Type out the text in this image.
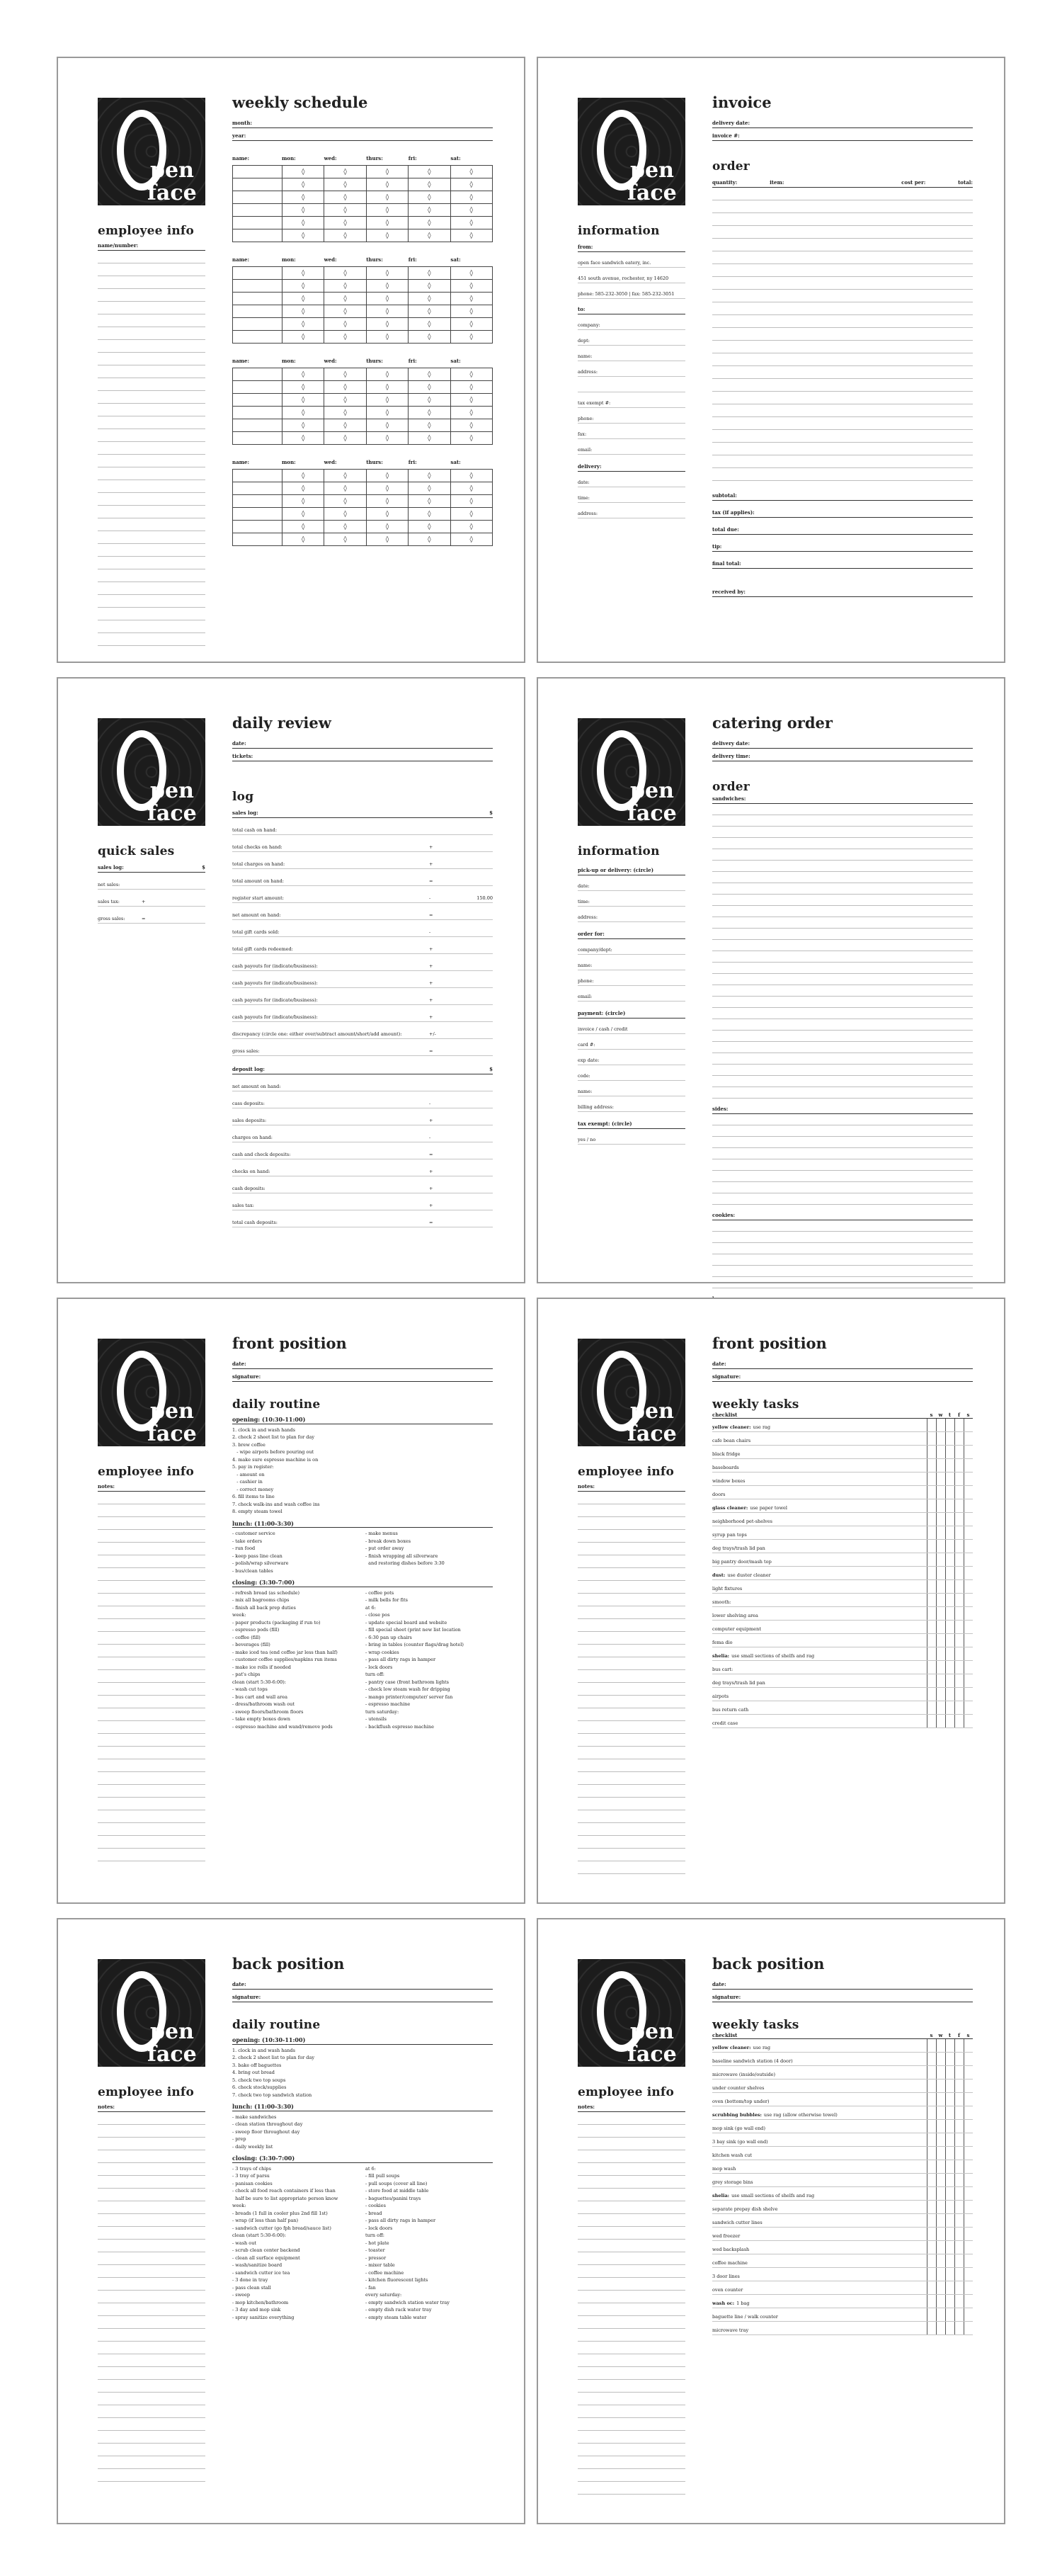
pen
face
employee info
name/number:
weekly schedule
month:
year:
name:	mon:	wed:	thurs:	fri:	sat:
	◊	◊	◊	◊	◊
	◊	◊	◊	◊	◊
	◊	◊	◊	◊	◊
	◊	◊	◊	◊	◊
	◊	◊	◊	◊	◊
	◊	◊	◊	◊	◊
name:	mon:	wed:	thurs:	fri:	sat:
	◊	◊	◊	◊	◊
	◊	◊	◊	◊	◊
	◊	◊	◊	◊	◊
	◊	◊	◊	◊	◊
	◊	◊	◊	◊	◊
	◊	◊	◊	◊	◊
name:	mon:	wed:	thurs:	fri:	sat:
	◊	◊	◊	◊	◊
	◊	◊	◊	◊	◊
	◊	◊	◊	◊	◊
	◊	◊	◊	◊	◊
	◊	◊	◊	◊	◊
	◊	◊	◊	◊	◊
name:	mon:	wed:	thurs:	fri:	sat:
	◊	◊	◊	◊	◊
	◊	◊	◊	◊	◊
	◊	◊	◊	◊	◊
	◊	◊	◊	◊	◊
	◊	◊	◊	◊	◊
	◊	◊	◊	◊	◊
pen
face
information
from:
open face sandwich eatery, inc.
451 south avenue, rochester, ny 14620
phone: 585-232-3050 | fax: 585-232-3051
to:
company:
dept:
name:
address:
tax exempt #:
phone:
fax:
email:
delivery:
date:
time:
address:
invoice
delivery date:
invoice #:
order
quantity:	item:	cost per:	total:
subtotal:
tax (if applies):
total due:
tip:
final total:
received by:
pen
face
quick sales
sales log:	$
net sales:
sales tax:	+
gross sales:	=
daily review
date:
tickets:
log
sales log:	$
total cash on hand:
total checks on hand:	+
total charges on hand:	+
total amount on hand:	=
register start amount:	-	150.00
net amount on hand:	=
total gift cards sold:	-
total gift cards redeemed:	+
cash payouts for (indicate/business):	+
cash payouts for (indicate/business):	+
cash payouts for (indicate/business):	+
cash payouts for (indicate/business):	+
discrepancy (circle one: either over/subtract amount/short/add amount):	+/-
gross sales:	=
deposit log:	$
net amount on hand:
cass deposits:	-
sales deposits:	+
charges on hand:	-
cash and check deposits:	=
checks on hand:	+
cash deposits:	+
sales tax:	+
total cash deposits:	=
pen
face
information
pick-up or delivery: (circle)
date:
time:
address:
order for:
company/dept:
name:
phone:
email:
payment: (circle)
invoice / cash / credit
card #:
exp date:
code:
name:
billing address:
tax exempt: (circle)
yes / no
catering order
delivery date:
delivery time:
order
sandwiches:
sides:
cookies:
pen
face
employee info
notes:
front position
date:
signature:
daily routine
opening: (10:30-11:00)
1. clock in and wash hands
2. check 2 sheet list to plan for day
3. brew coffee
- wipe airpots before pouring out
4. make sure espresso machine is on
5. pay in register:
- amount on
- cashier in
- correct money
6. fill items to line
7. check walk-ins and wash coffee ins
8. empty steam towel
lunch: (11:00-3:30)
- customer service
- take orders
- run food
- keep pass line clean
- polish/wrap silverware
- bus/clean tables
- make menus
- break down boxes
- put order away
- finish wrapping all silverware
and restoring dishes before 3:30
closing: (3:30-7:00)
- refresh bread (as schedule)
- mix all bagrooms chips
- finish all back prep duties
week:
- paper products (packaging if run to)
- espresso pods (fill)
- coffee (fill)
- beverages (fill)
- make iced tea (end coffee jar less than half)
- customer coffee supplies/napkins run items
- make ice rolls if needed
- pat's chips
clean (start 5:30-6:00):
- wash cut tops
- bus cart and wall area
- dress/bathroom wash out
- sweep floors/bathroom floors
- take empty boxes down
- espresso machine and wand/remove pods
- coffee pots
- milk bells for fits
at 6:
- close pos
- update special board and website
- fill special sheet (print new list location
- 6:30 pan up chairs
- bring in tables (counter flags/drag hotel)
- wrap cookies
- pass all dirty rags in hamper
- lock doors
turn off:
- pantry case (front bathroom lights
- check low steam wash for dripping
- mango printer/computer/ server fan
- espresso machine
turn saturday:
- utensils
- backflush espresso machine
pen
face
employee info
notes:
front position
date:
signature:
weekly tasks
checklist	s	w	t	f	s
yellow cleaner: use rag					
cafe bean chairs					
black fridge					
baseboards					
window boxes					
doors					
glass cleaner: use paper towel					
neighborhood pet-shelves					
syrup pan tops					
deg trays/trash lid pan					
big pantry door/mash top					
dust: use duster cleaner					
light fixtures					
smooth:					
lower shelving area					
computer equipment					
fema dio					
shelia: use small sections of shelfs and rag					
bus cart:					
deg trays/trash lid pan					
airpots					
bus return cath					
credit case					
pen
face
employee info
notes:
back position
date:
signature:
daily routine
opening: (10:30-11:00)
1. clock in and wash hands
2. check 2 sheet list to plan for day
3. bake off baguettes
4. bring out bread
5. check two top soups
6. check stock/supplies
7. check two top sandwich station
lunch: (11:00-3:30)
- make sandwiches
- clean station throughout day
- sweep floor throughout day
- prep
- daily weekly list
closing: (3:30-7:00)
- 3 trays of chips
- 3 tray of parsu
- panisan cookies
- check all food reach containers if less than
half be sure to list appropriate person know
week:
- breads (1 full in cooler plus 2nd fill 1st)
- wrap (if less than half pan)
- sandwich cutter (go fph bread/sauce list)
clean (start 5:30-6:00):
- wash out
- scrub clean center backend
- clean all surface equipment
- wash/sanitize board
- sandwich cutter ice tea
- 3 done in tray
- pass clean stall
- sweep
- mop kitchen/bathroom
- 3 day and mop sink
- spray sanitize everything
at 6:
- fill pull soups
- pull soups (cover all line)
- store food at middle table
- baguettes/panini trays
- cookies
- bread
- pass all dirty rags in hamper
- lock doors
turn off:
- hot plate
- toaster
- pressor
- mixer table
- coffee machine
- kitchen fluorescent lights
- fan
every saturday:
- empty sandwich station water tray
- empty dish rack water tray
- empty steam table water
pen
face
employee info
notes:
back position
date:
signature:
weekly tasks
checklist	s	w	t	f	s
yellow cleaner: use rag					
baseline sandwich station (4 door)					
microwave (inside/outside)					
under counter shelves					
oven (bottom/top under)					
scrubbing bubbles: use rag (allow otherwise towel)					
mop sink (go wall end)					
3 bay sink (go wall end)					
kitchen wash cut					
mop wash					
grey storage bins					
shelia: use small sections of shelfs and rag					
separate prepay dish shelve					
sandwich cutter lines					
wed freezer					
wed backsplash					
coffee machine					
3 door lines					
oven counter					
wash oc: 1 bag					
baguette line / walk counter					
microwave tray					
